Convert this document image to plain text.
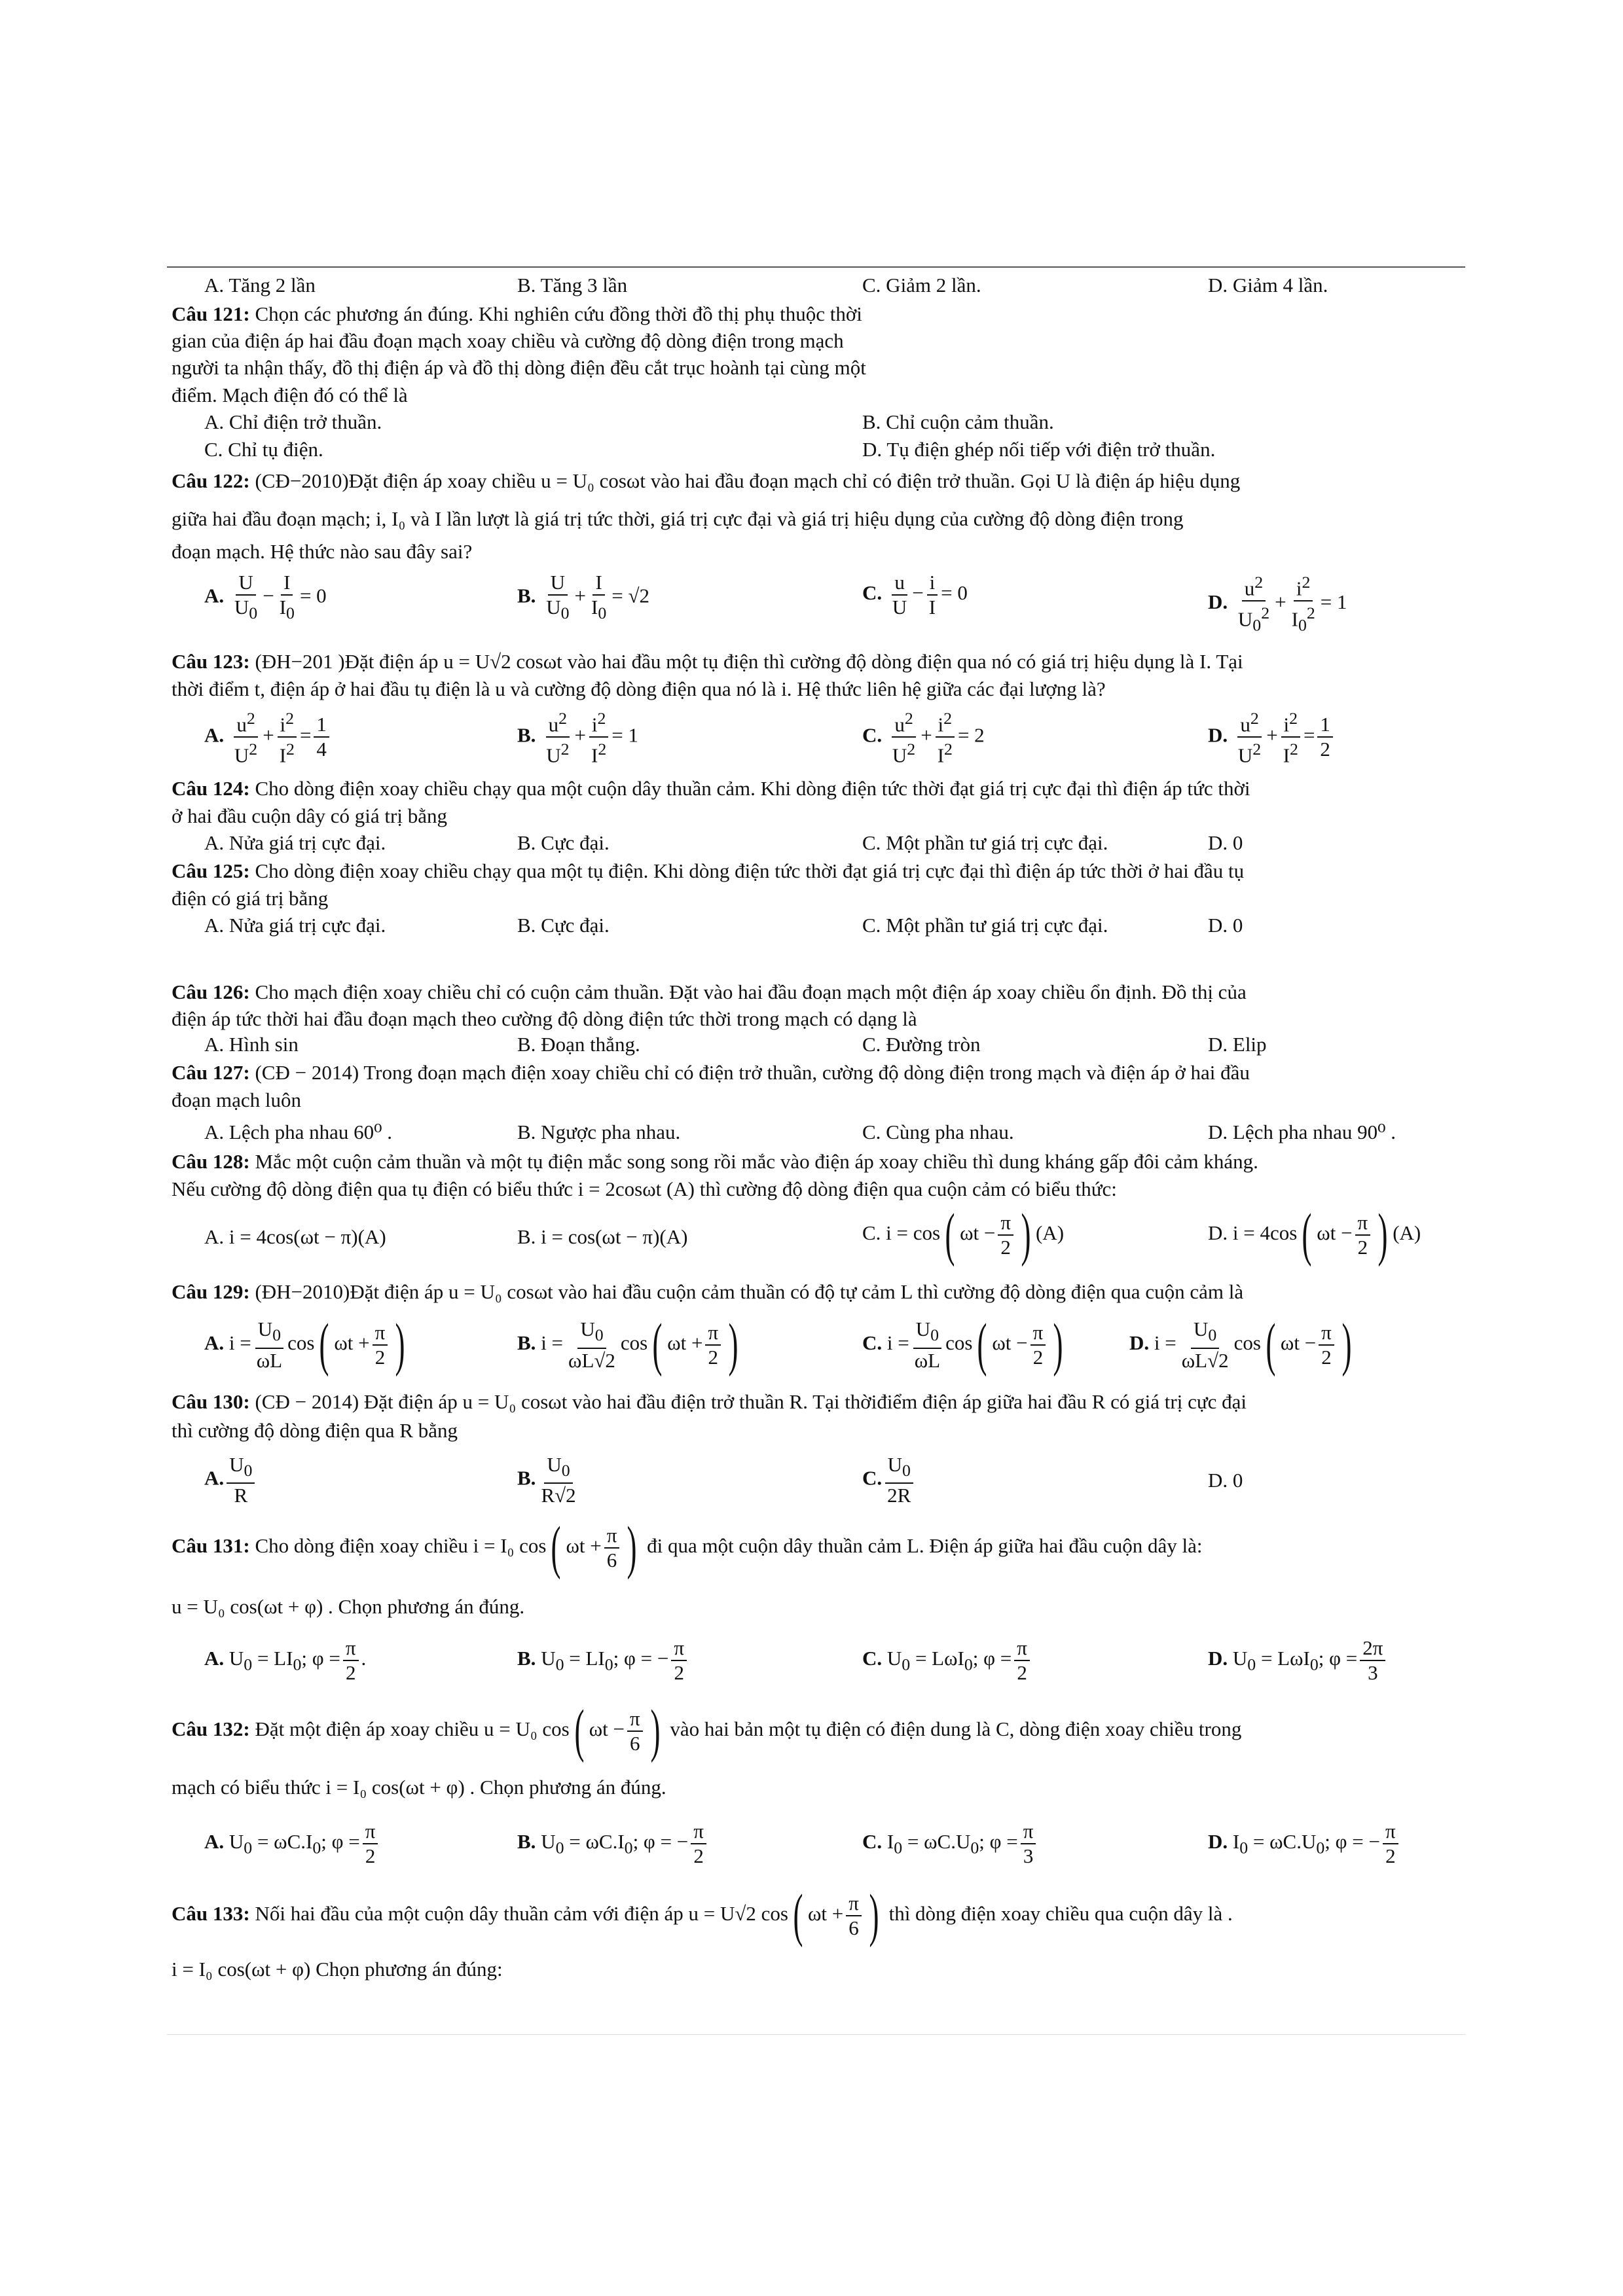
A. Tăng 2 lần	B. Tăng 3 lần	C. Giảm 2 lần.	D. Giảm 4 lần.
Câu 121: Chọn các phương án đúng. Khi nghiên cứu đồng thời đồ thị phụ thuộc thời
gian của điện áp hai đầu đoạn mạch xoay chiều và cường độ dòng điện trong mạch
người ta nhận thấy, đồ thị điện áp và đồ thị dòng điện đều cắt trục hoành tại cùng một
điểm. Mạch điện đó có thể là
A. Chỉ điện trở thuần.	B. Chỉ cuộn cảm thuần.
C. Chỉ tụ điện.	D. Tụ điện ghép nối tiếp với điện trở thuần.
Câu 122: (CĐ−2010)Đặt điện áp xoay chiều u = U₀ cosωt vào hai đầu đoạn mạch chỉ có điện trở thuần. Gọi U là điện áp hiệu dụng
giữa hai đầu đoạn mạch; i, I₀ và I lần lượt là giá trị tức thời, giá trị cực đại và giá trị hiệu dụng của cường độ dòng điện trong
đoạn mạch. Hệ thức nào sau đây sai?
A. $\frac{U}{U_0} - \frac{I}{I_0} = 0$	B. $\frac{U}{U_0} + \frac{I}{I_0} = √2$	C. $\frac{u}{U} - \frac{i}{I} = 0$	D. $\frac{u^2}{U_0^2} + \frac{i^2}{I_0^2} = 1$
Câu 123: (ĐH−201 )Đặt điện áp u = U√2 cosωt vào hai đầu một tụ điện thì cường độ dòng điện qua nó có giá trị hiệu dụng là I. Tại
thời điểm t, điện áp ở hai đầu tụ điện là u và cường độ dòng điện qua nó là i. Hệ thức liên hệ giữa các đại lượng là?
A. $\frac{u^2}{U^2} + \frac{i^2}{I^2} = \frac{1}{4}$	B. $\frac{u^2}{U^2} + \frac{i^2}{I^2} = 1$	C. $\frac{u^2}{U^2} + \frac{i^2}{I^2} = 2$	D. $\frac{u^2}{U^2} + \frac{i^2}{I^2} = \frac{1}{2}$
Câu 124: Cho dòng điện xoay chiều chạy qua một cuộn dây thuần cảm. Khi dòng điện tức thời đạt giá trị cực đại thì điện áp tức thời
ở hai đầu cuộn dây có giá trị bằng
A. Nửa giá trị cực đại.	B. Cực đại.	C. Một phần tư giá trị cực đại.	D. 0
Câu 125: Cho dòng điện xoay chiều chạy qua một tụ điện. Khi dòng điện tức thời đạt giá trị cực đại thì điện áp tức thời ở hai đầu tụ
điện có giá trị bằng
A. Nửa giá trị cực đại.	B. Cực đại.	C. Một phần tư giá trị cực đại.	D. 0
Câu 126: Cho mạch điện xoay chiều chỉ có cuộn cảm thuần. Đặt vào hai đầu đoạn mạch một điện áp xoay chiều ổn định. Đồ thị của
điện áp tức thời hai đầu đoạn mạch theo cường độ dòng điện tức thời trong mạch có dạng là
A. Hình sin	B. Đoạn thẳng.	C. Đường tròn	D. Elip
Câu 127: (CĐ − 2014) Trong đoạn mạch điện xoay chiều chỉ có điện trở thuần, cường độ dòng điện trong mạch và điện áp ở hai đầu
đoạn mạch luôn
A. Lệch pha nhau 60⁰ .	B. Ngược pha nhau.	C. Cùng pha nhau.	D. Lệch pha nhau 90⁰ .
Câu 128: Mắc một cuộn cảm thuần và một tụ điện mắc song song rồi mắc vào điện áp xoay chiều thì dung kháng gấp đôi cảm kháng.
Nếu cường độ dòng điện qua tụ điện có biểu thức i = 2cosωt (A) thì cường độ dòng điện qua cuộn cảm có biểu thức:
A. i = 4cos(ωt − π)(A)	B. i = cos(ωt − π)(A)	C. i = cos( $\omega t - \frac{\pi}{2}$ ) (A)	D. i = 4cos( $\omega t - \frac{\pi}{2}$ ) (A)
Câu 129: (ĐH−2010)Đặt điện áp u = U₀ cosωt vào hai đầu cuộn cảm thuần có độ tự cảm L thì cường độ dòng điện qua cuộn cảm là
A. $i = \frac{U_0}{\omega L} \cos$( $\omega t + \frac{\pi}{2}$ )	B. $i = \frac{U_0}{\omega L√2} \cos$( $\omega t + \frac{\pi}{2}$ )	C. $i = \frac{U_0}{\omega L} \cos$( $\omega t - \frac{\pi}{2}$ )	D. $i = \frac{U_0}{\omega L√2} \cos$( $\omega t - \frac{\pi}{2}$ )
Câu 130: (CĐ − 2014) Đặt điện áp u = U₀ cosωt vào hai đầu điện trở thuần R. Tại thờiđiểm điện áp giữa hai đầu R có giá trị cực đại
thì cường độ dòng điện qua R bằng
A. $\frac{U_0}{R}$	B. $\frac{U_0}{R√2}$	C. $\frac{U_0}{2R}$	D. 0
Câu 131: Cho dòng điện xoay chiều i = I₀ cos( $\omega t + \frac{\pi}{6}$ ) đi qua một cuộn dây thuần cảm L. Điện áp giữa hai đầu cuộn dây là:
u = U₀ cos(ωt + φ) . Chọn phương án đúng.
A. $U_0 = LI_0$; $\varphi = \frac{\pi}{2}$ .	B. $U_0 = LI_0$; φ = − $\frac{\pi}{2}$	C. $U_0 = L\omega I_0$; $\varphi = \frac{\pi}{2}$	D. $U_0 = L\omega I_0$; $\varphi = \frac{2\pi}{3}$
Câu 132: Đặt một điện áp xoay chiều u = U₀ cos( $\omega t - \frac{\pi}{6}$ ) vào hai bản một tụ điện có điện dung là C, dòng điện xoay chiều trong
mạch có biểu thức i = I₀ cos(ωt + φ) . Chọn phương án đúng.
A. $U_0 = \omega C.I_0$; $\varphi = \frac{\pi}{2}$	B. $U_0 = \omega C.I_0$; φ = − $\frac{\pi}{2}$	C. $I_0 = \omega C.U_0$; $\varphi = \frac{\pi}{3}$	D. $I_0 = \omega C.U_0$; φ = − $\frac{\pi}{2}$
Câu 133: Nối hai đầu của một cuộn dây thuần cảm với điện áp u = U√2 cos( $\omega t + \frac{\pi}{6}$ ) thì dòng điện xoay chiều qua cuộn dây là .
i = I₀ cos(ωt + φ) Chọn phương án đúng:
